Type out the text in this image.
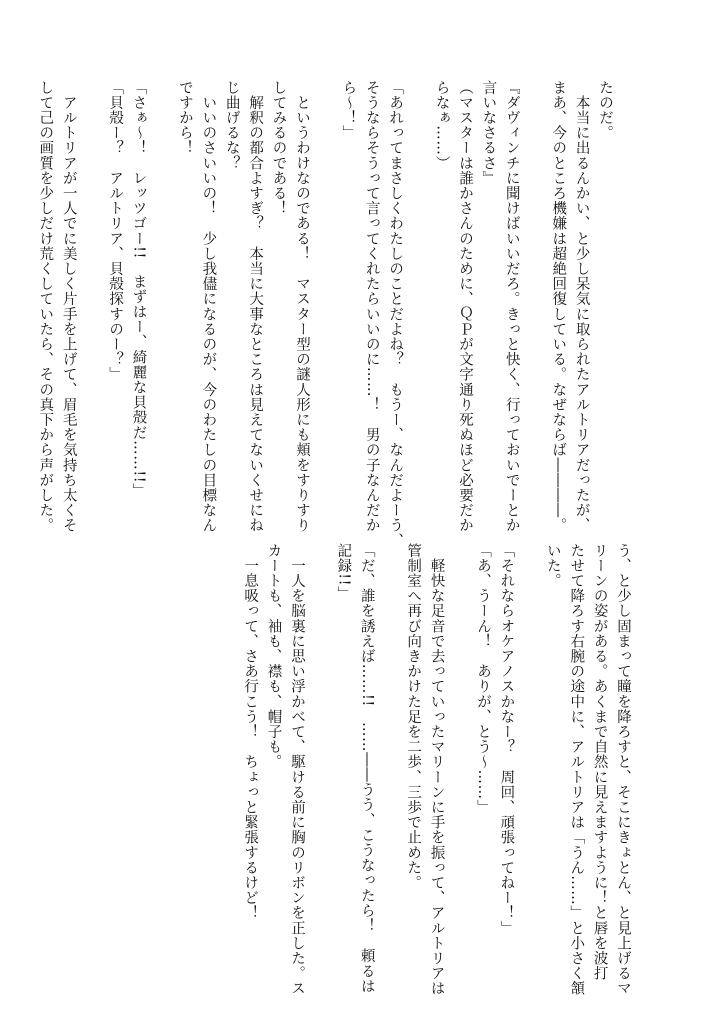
たのだ。
　本当に出るんかい、と少し呆気に取られたアルトリアだったが、
まあ、今のところ機嫌は超絶回復している。なぜならば――――。
『ダヴィンチに聞けばいいだろ。きっと快く、行っておいでーとか
言いなさるさ』
（マスターは誰かさんのために、ＱＰが文字通り死ぬほど必要だか
らなぁ……）
「あれってまさしくわたしのことだよね？　もうー、なんだよーう、
そうならそうって言ってくれたらいいのに……！　男の子なんだか
ら～！」
　というわけなのである！　マスター型の謎人形にも頬をすりすり
してみるのである！
　解釈の都合よすぎ？　本当に大事なところは見えてないくせにね
じ曲げるな？
　いいのさいいの！　少し我儘になるのが、今のわたしの目標なん
ですから！
「さぁ～！　レッツゴー!!　まずはー、綺麗な貝殻だ……!!」
「貝殻ー？　アルトリア、貝殻探すのー？」
　アルトリアが一人でに美しく片手を上げて、眉毛を気持ち太くそ
して己の画質を少しだけ荒くしていたら、その真下から声がした。
う、と少し固まって瞳を降ろすと、そこにきょとん、と見上げるマ
リーンの姿がある。あくまで自然に見えますように！と唇を波打
たせて降ろす右腕の途中に、アルトリアは「うん……」と小さく頷
いた。
「それならオケアノスかなー？　周回、頑張ってねー！」
「あ、うーん！　ありが、とう～……」
　軽快な足音で去っていったマリーンに手を振って、アルトリアは
管制室へ再び向きかけた足を二歩、三歩で止めた。
「だ、誰を誘えば……!!　……――うう、こうなったら！　頼るは
記録!!」
　一人を脳裏に思い浮かべて、駆ける前に胸のリボンを正した。ス
カートも、袖も、襟も、帽子も。
　一息吸って、さあ行こう！　ちょっと緊張するけど！
